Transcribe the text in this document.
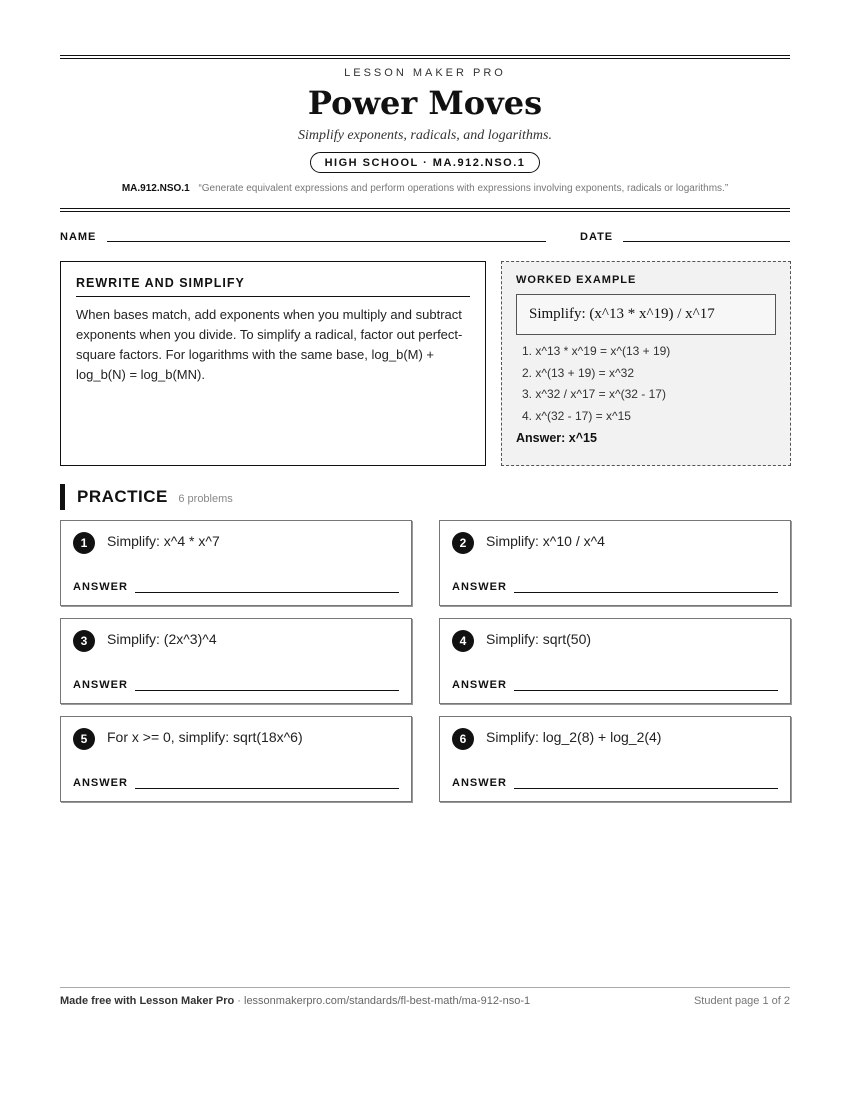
LESSON MAKER PRO
Power Moves
Simplify exponents, radicals, and logarithms.
HIGH SCHOOL · MA.912.NSO.1
MA.912.NSO.1 “Generate equivalent expressions and perform operations with expressions involving exponents, radicals or logarithms.”
NAME	DATE
REWRITE AND SIMPLIFY
When bases match, add exponents when you multiply and subtract exponents when you divide. To simplify a radical, factor out perfect-square factors. For logarithms with the same base, log_b(M) + log_b(N) = log_b(MN).
WORKED EXAMPLE
Simplify: (x^13 * x^19) / x^17
1. x^13 * x^19 = x^(13 + 19)
2. x^(13 + 19) = x^32
3. x^32 / x^17 = x^(32 - 17)
4. x^(32 - 17) = x^15
Answer: x^15
PRACTICE 6 problems
1	Simplify: x^4 * x^7
ANSWER
2	Simplify: x^10 / x^4
ANSWER
3	Simplify: (2x^3)^4
ANSWER
4	Simplify: sqrt(50)
ANSWER
5	For x >= 0, simplify: sqrt(18x^6)
ANSWER
6	Simplify: log_2(8) + log_2(4)
ANSWER
Made free with Lesson Maker Pro · lessonmakerpro.com/standards/fl-best-math/ma-912-nso-1	Student page 1 of 2
